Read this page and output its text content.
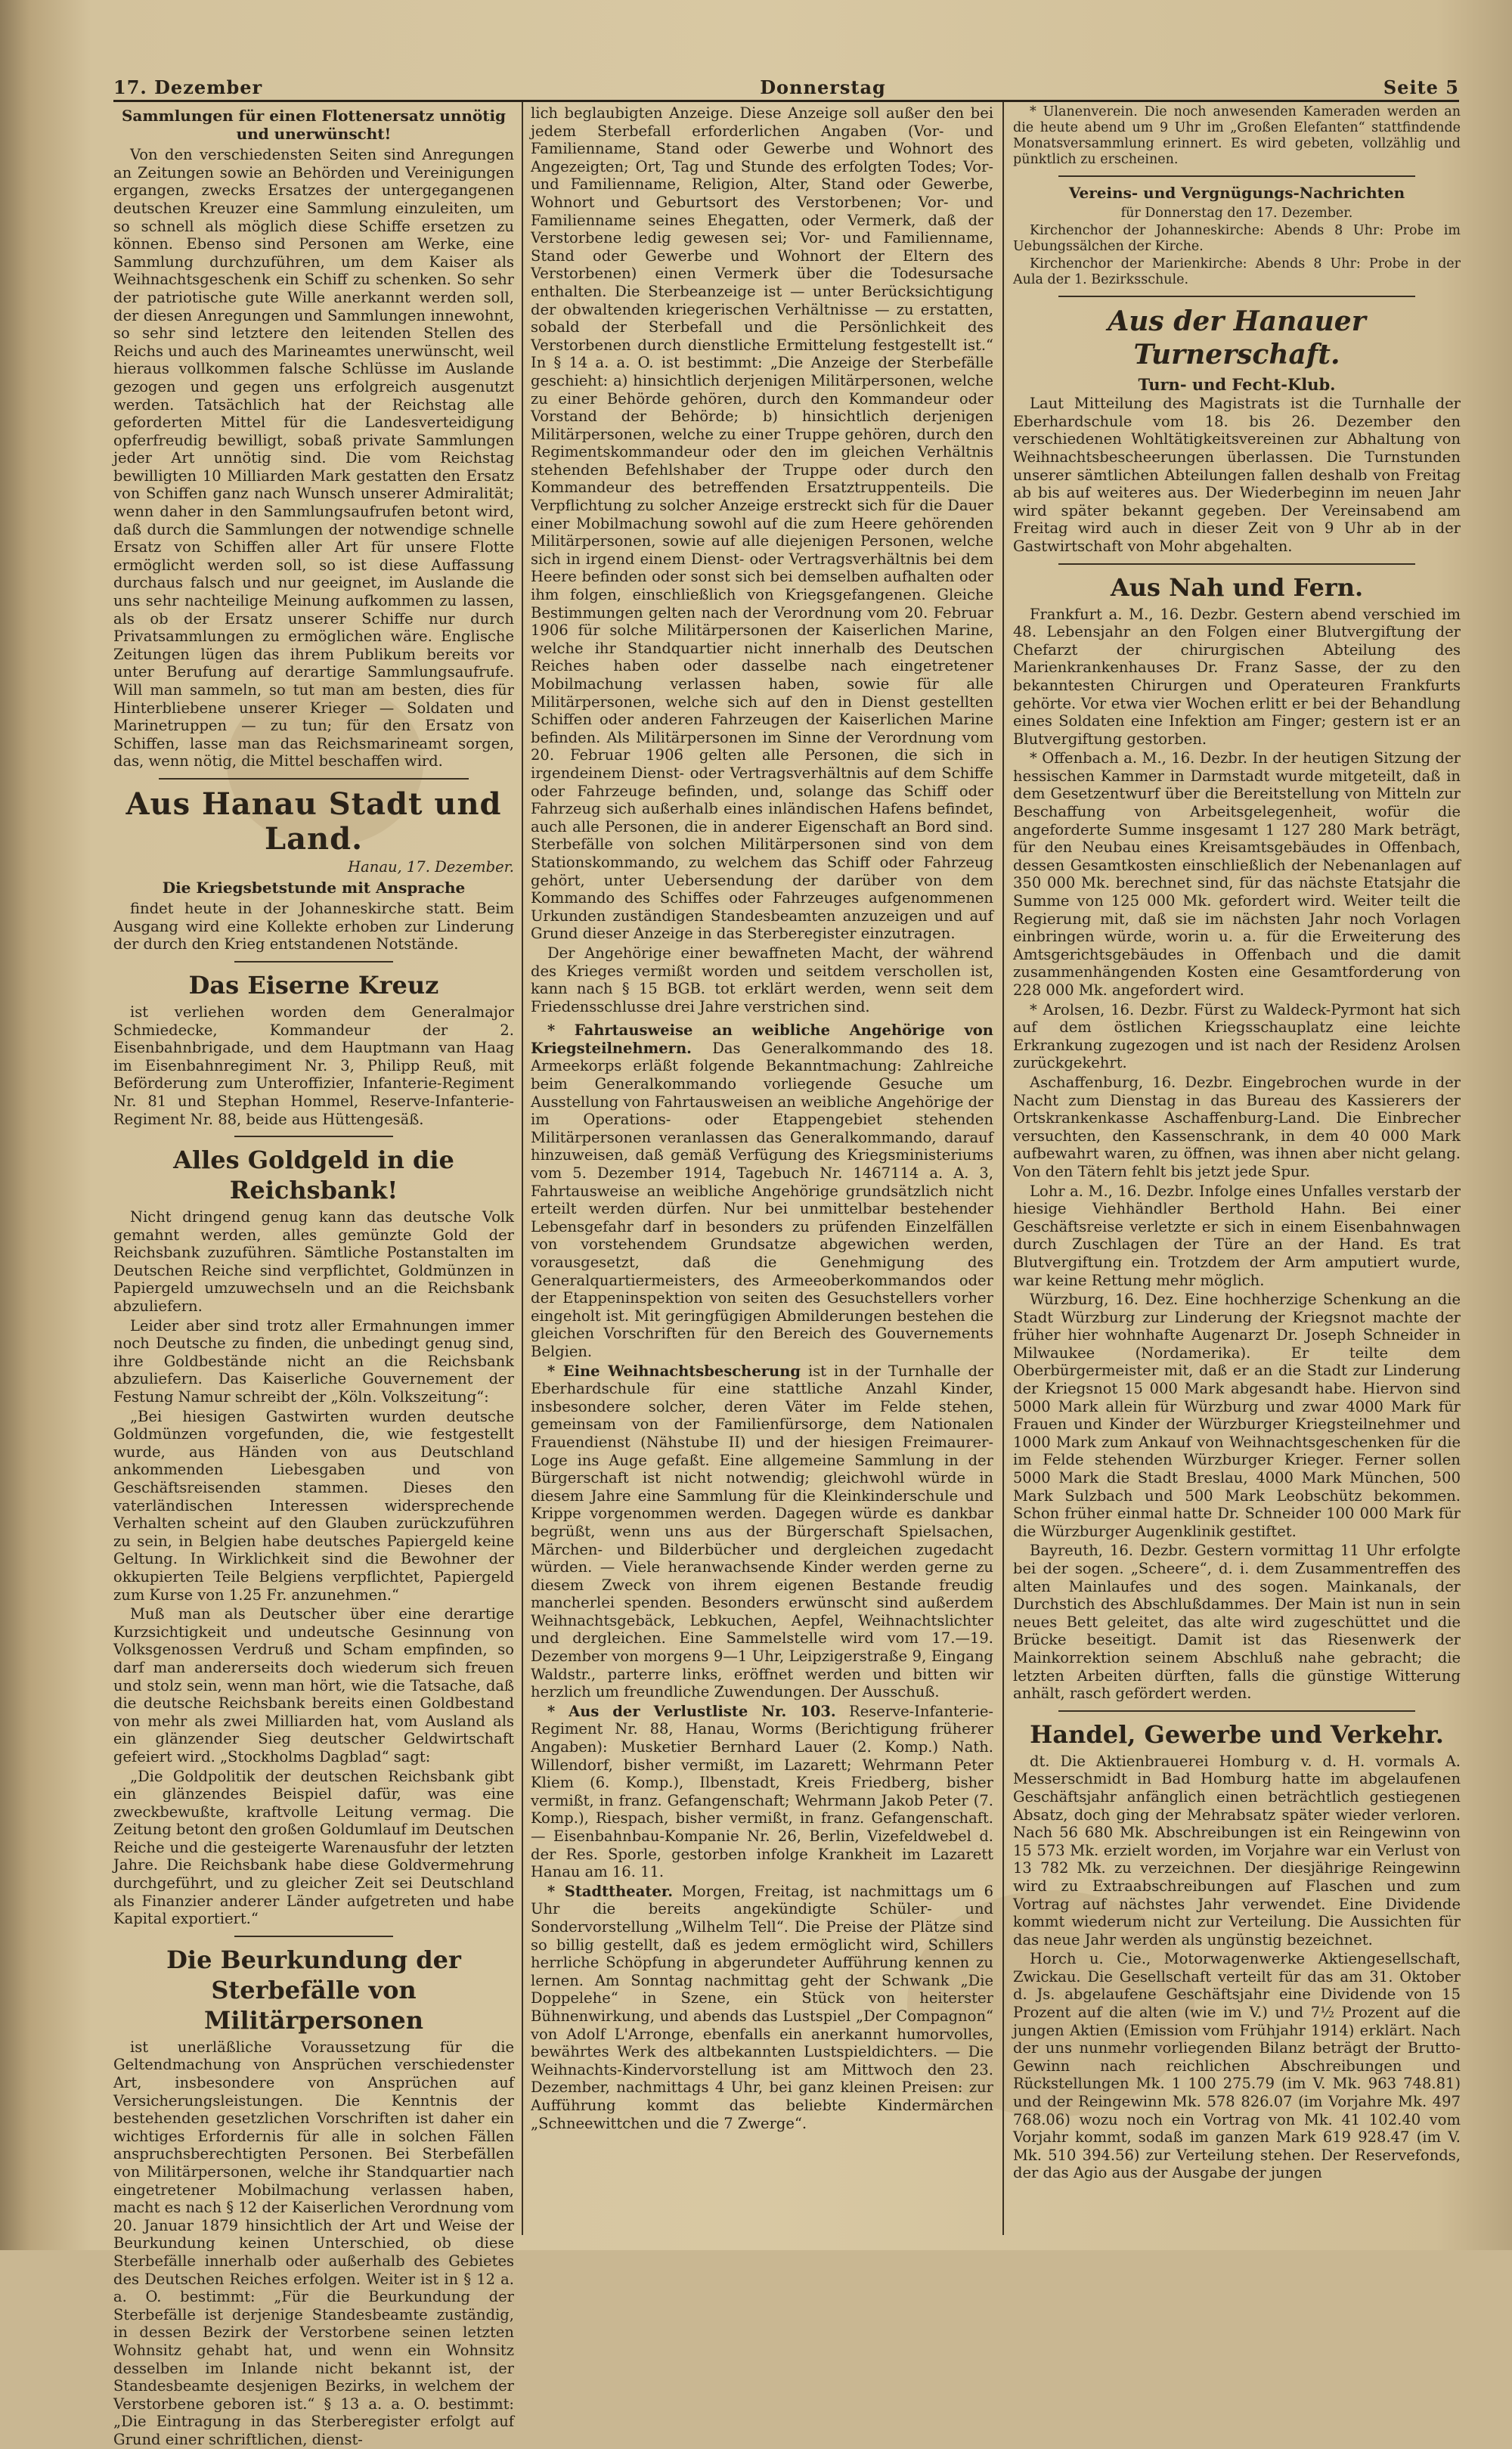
17. Dezember	Donnerstag	Seite 5

Sammlungen für einen Flottenersatz unnötig und unerwünscht!

Von den verschiedensten Seiten sind Anregungen an Zeitungen sowie an Behörden und Vereinigungen ergangen, zwecks Ersatzes der untergegangenen deutschen Kreuzer eine Sammlung einzuleiten, um so schnell als möglich diese Schiffe ersetzen zu können. Ebenso sind Personen am Werke, eine Sammlung durchzuführen, um dem Kaiser als Weihnachtsgeschenk ein Schiff zu schenken. So sehr der patriotische gute Wille anerkannt werden soll, der diesen Anregungen und Sammlungen innewohnt, so sehr sind letztere den leitenden Stellen des Reichs und auch des Marineamtes unerwünscht, weil hieraus vollkommen falsche Schlüsse im Auslande gezogen und gegen uns erfolgreich ausgenutzt werden. Tatsächlich hat der Reichstag alle geforderten Mittel für die Landesverteidigung opferfreudig bewilligt, sobaß private Sammlungen jeder Art unnötig sind. Die vom Reichstag bewilligten 10 Milliarden Mark gestatten den Ersatz von Schiffen ganz nach Wunsch unserer Admiralität; wenn daher in den Sammlungsaufrufen betont wird, daß durch die Sammlungen der notwendige schnelle Ersatz von Schiffen aller Art für unsere Flotte ermöglicht werden soll, so ist diese Auffassung durchaus falsch und nur geeignet, im Auslande die uns sehr nachteilige Meinung aufkommen zu lassen, als ob der Ersatz unserer Schiffe nur durch Privatsammlungen zu ermöglichen wäre. Englische Zeitungen lügen das ihrem Publikum bereits vor unter Berufung auf derartige Sammlungsaufrufe. Will man sammeln, so tut man am besten, dies für Hinterbliebene unserer Krieger — Soldaten und Marinetruppen — zu tun; für den Ersatz von Schiffen, lasse man das Reichsmarineamt sorgen, das, wenn nötig, die Mittel beschaffen wird.

Aus Hanau Stadt und Land.

Hanau, 17. Dezember.

Die Kriegsbetstunde mit Ansprache

findet heute in der Johanneskirche statt. Beim Ausgang wird eine Kollekte erhoben zur Linderung der durch den Krieg entstandenen Notstände.

Das Eiserne Kreuz

ist verliehen worden dem Generalmajor Schmiedecke, Kommandeur der 2. Eisenbahnbrigade, und dem Hauptmann van Haag im Eisenbahnregiment Nr. 3, Philipp Reuß, mit Beförderung zum Unteroffizier, Infanterie-Regiment Nr. 81 und Stephan Hommel, Reserve-Infanterie-Regiment Nr. 88, beide aus Hüttengesäß.

Alles Goldgeld in die Reichsbank!

Nicht dringend genug kann das deutsche Volk gemahnt werden, alles gemünzte Gold der Reichsbank zuzuführen. Sämtliche Postanstalten im Deutschen Reiche sind verpflichtet, Goldmünzen in Papiergeld umzuwechseln und an die Reichsbank abzuliefern.

Leider aber sind trotz aller Ermahnungen immer noch Deutsche zu finden, die unbedingt genug sind, ihre Goldbestände nicht an die Reichsbank abzuliefern. Das Kaiserliche Gouvernement der Festung Namur schreibt der „Köln. Volkszeitung“:

„Bei hiesigen Gastwirten wurden deutsche Goldmünzen vorgefunden, die, wie festgestellt wurde, aus Händen von aus Deutschland ankommenden Liebesgaben und von Geschäftsreisenden stammen. Dieses den vaterländischen Interessen widersprechende Verhalten scheint auf den Glauben zurückzuführen zu sein, in Belgien habe deutsches Papiergeld keine Geltung. In Wirklichkeit sind die Bewohner der okkupierten Teile Belgiens verpflichtet, Papiergeld zum Kurse von 1.25 Fr. anzunehmen.“

Muß man als Deutscher über eine derartige Kurzsichtigkeit und undeutsche Gesinnung von Volksgenossen Verdruß und Scham empfinden, so darf man andererseits doch wiederum sich freuen und stolz sein, wenn man hört, wie die Tatsache, daß die deutsche Reichsbank bereits einen Goldbestand von mehr als zwei Milliarden hat, vom Ausland als ein glänzender Sieg deutscher Geldwirtschaft gefeiert wird. „Stockholms Dagblad“ sagt:

„Die Goldpolitik der deutschen Reichsbank gibt ein glänzendes Beispiel dafür, was eine zweckbewußte, kraftvolle Leitung vermag. Die Zeitung betont den großen Goldumlauf im Deutschen Reiche und die gesteigerte Warenausfuhr der letzten Jahre. Die Reichsbank habe diese Goldvermehrung durchgeführt, und zu gleicher Zeit sei Deutschland als Finanzier anderer Länder aufgetreten und habe Kapital exportiert.“

Die Beurkundung der Sterbefälle von Militärpersonen

ist unerläßliche Voraussetzung für die Geltendmachung von Ansprüchen verschiedenster Art, insbesondere von Ansprüchen auf Versicherungsleistungen. Die Kenntnis der bestehenden gesetzlichen Vorschriften ist daher ein wichtiges Erfordernis für alle in solchen Fällen anspruchsberechtigten Personen. Bei Sterbefällen von Militärpersonen, welche ihr Standquartier nach eingetretener Mobilmachung verlassen haben, macht es nach § 12 der Kaiserlichen Verordnung vom 20. Januar 1879 hinsichtlich der Art und Weise der Beurkundung keinen Unterschied, ob diese Sterbefälle innerhalb oder außerhalb des Gebietes des Deutschen Reiches erfolgen. Weiter ist in § 12 a. a. O. bestimmt: „Für die Beurkundung der Sterbefälle ist derjenige Standesbeamte zuständig, in dessen Bezirk der Verstorbene seinen letzten Wohnsitz gehabt hat, und wenn ein Wohnsitz desselben im Inlande nicht bekannt ist, der Standesbeamte desjenigen Bezirks, in welchem der Verstorbene geboren ist.“ § 13 a. a. O. bestimmt: „Die Eintragung in das Sterberegister erfolgt auf Grund einer schriftlichen, dienst-

lich beglaubigten Anzeige. Diese Anzeige soll außer den bei jedem Sterbefall erforderlichen Angaben (Vor- und Familienname, Stand oder Gewerbe und Wohnort des Angezeigten; Ort, Tag und Stunde des erfolgten Todes; Vor- und Familienname, Religion, Alter, Stand oder Gewerbe, Wohnort und Geburtsort des Verstorbenen; Vor- und Familienname seines Ehegatten, oder Vermerk, daß der Verstorbene ledig gewesen sei; Vor- und Familienname, Stand oder Gewerbe und Wohnort der Eltern des Verstorbenen) einen Vermerk über die Todesursache enthalten. Die Sterbeanzeige ist — unter Berücksichtigung der obwaltenden kriegerischen Verhältnisse — zu erstatten, sobald der Sterbefall und die Persönlichkeit des Verstorbenen durch dienstliche Ermittelung festgestellt ist.“ In § 14 a. a. O. ist bestimmt: „Die Anzeige der Sterbefälle geschieht: a) hinsichtlich derjenigen Militärpersonen, welche zu einer Behörde gehören, durch den Kommandeur oder Vorstand der Behörde; b) hinsichtlich derjenigen Militärpersonen, welche zu einer Truppe gehören, durch den Regimentskommandeur oder den im gleichen Verhältnis stehenden Befehlshaber der Truppe oder durch den Kommandeur des betreffenden Ersatztruppenteils. Die Verpflichtung zu solcher Anzeige erstreckt sich für die Dauer einer Mobilmachung sowohl auf die zum Heere gehörenden Militärpersonen, sowie auf alle diejenigen Personen, welche sich in irgend einem Dienst- oder Vertragsverhältnis bei dem Heere befinden oder sonst sich bei demselben aufhalten oder ihm folgen, einschließlich von Kriegsgefangenen. Gleiche Bestimmungen gelten nach der Verordnung vom 20. Februar 1906 für solche Militärpersonen der Kaiserlichen Marine, welche ihr Standquartier nicht innerhalb des Deutschen Reiches haben oder dasselbe nach eingetretener Mobilmachung verlassen haben, sowie für alle Militärpersonen, welche sich auf den in Dienst gestellten Schiffen oder anderen Fahrzeugen der Kaiserlichen Marine befinden. Als Militärpersonen im Sinne der Verordnung vom 20. Februar 1906 gelten alle Personen, die sich in irgendeinem Dienst- oder Vertragsverhältnis auf dem Schiffe oder Fahrzeuge befinden, und, solange das Schiff oder Fahrzeug sich außerhalb eines inländischen Hafens befindet, auch alle Personen, die in anderer Eigenschaft an Bord sind. Sterbefälle von solchen Militärpersonen sind von dem Stationskommando, zu welchem das Schiff oder Fahrzeug gehört, unter Uebersendung der darüber von dem Kommando des Schiffes oder Fahrzeuges aufgenommenen Urkunden zuständigen Standesbeamten anzuzeigen und auf Grund dieser Anzeige in das Sterberegister einzutragen.

Der Angehörige einer bewaffneten Macht, der während des Krieges vermißt worden und seitdem verschollen ist, kann nach § 15 BGB. tot erklärt werden, wenn seit dem Friedensschlusse drei Jahre verstrichen sind.

* Fahrtausweise an weibliche Angehörige von Kriegsteilnehmern. Das Generalkommando des 18. Armeekorps erläßt folgende Bekanntmachung: Zahlreiche beim Generalkommando vorliegende Gesuche um Ausstellung von Fahrtausweisen an weibliche Angehörige der im Operations- oder Etappengebiet stehenden Militärpersonen veranlassen das Generalkommando, darauf hinzuweisen, daß gemäß Verfügung des Kriegsministeriums vom 5. Dezember 1914, Tagebuch Nr. 1467114 a. A. 3, Fahrtausweise an weibliche Angehörige grundsätzlich nicht erteilt werden dürfen. Nur bei unmittelbar bestehender Lebensgefahr darf in besonders zu prüfenden Einzelfällen von vorstehendem Grundsatze abgewichen werden, vorausgesetzt, daß die Genehmigung des Generalquartiermeisters, des Armeeoberkommandos oder der Etappeninspektion von seiten des Gesuchstellers vorher eingeholt ist. Mit geringfügigen Abmilderungen bestehen die gleichen Vorschriften für den Bereich des Gouvernements Belgien.

* Eine Weihnachtsbescherung ist in der Turnhalle der Eberhardschule für eine stattliche Anzahl Kinder, insbesondere solcher, deren Väter im Felde stehen, gemeinsam von der Familienfürsorge, dem Nationalen Frauendienst (Nähstube II) und der hiesigen Freimaurer-Loge ins Auge gefaßt. Eine allgemeine Sammlung in der Bürgerschaft ist nicht notwendig; gleichwohl würde in diesem Jahre eine Sammlung für die Kleinkinderschule und Krippe vorgenommen werden. Dagegen würde es dankbar begrüßt, wenn uns aus der Bürgerschaft Spielsachen, Märchen- und Bilderbücher und dergleichen zugedacht würden. — Viele heranwachsende Kinder werden gerne zu diesem Zweck von ihrem eigenen Bestande freudig mancherlei spenden. Besonders erwünscht sind außerdem Weihnachtsgebäck, Lebkuchen, Aepfel, Weihnachtslichter und dergleichen. Eine Sammelstelle wird vom 17.—19. Dezember von morgens 9—1 Uhr, Leipzigerstraße 9, Eingang Waldstr., parterre links, eröffnet werden und bitten wir herzlich um freundliche Zuwendungen. Der Ausschuß.

* Aus der Verlustliste Nr. 103. Reserve-Infanterie-Regiment Nr. 88, Hanau, Worms (Berichtigung früherer Angaben): Musketier Bernhard Lauer (2. Komp.) Nath. Willendorf, bisher vermißt, im Lazarett; Wehrmann Peter Kliem (6. Komp.), Ilbenstadt, Kreis Friedberg, bisher vermißt, in franz. Gefangenschaft; Wehrmann Jakob Peter (7. Komp.), Riespach, bisher vermißt, in franz. Gefangenschaft. — Eisenbahnbau-Kompanie Nr. 26, Berlin, Vizefeldwebel d. der Res. Sporle, gestorben infolge Krankheit im Lazarett Hanau am 16. 11.

* Stadttheater. Morgen, Freitag, ist nachmittags um 6 Uhr die bereits angekündigte Schüler- und Sondervorstellung „Wilhelm Tell“. Die Preise der Plätze sind so billig gestellt, daß es jedem ermöglicht wird, Schillers herrliche Schöpfung in abgerundeter Aufführung kennen zu lernen. Am Sonntag nachmittag geht der Schwank „Die Doppelehe“ in Szene, ein Stück von heiterster Bühnenwirkung, und abends das Lustspiel „Der Compagnon“ von Adolf L'Arronge, ebenfalls ein anerkannt humorvolles, bewährtes Werk des altbekannten Lustspieldichters. — Die Weihnachts-Kindervorstellung ist am Mittwoch den 23. Dezember, nachmittags 4 Uhr, bei ganz kleinen Preisen: zur Aufführung kommt das beliebte Kindermärchen „Schneewittchen und die 7 Zwerge“.

* Ulanenverein. Die noch anwesenden Kameraden werden an die heute abend um 9 Uhr im „Großen Elefanten“ stattfindende Monatsversammlung erinnert. Es wird gebeten, vollzählig und pünktlich zu erscheinen.

Vereins- und Vergnügungs-Nachrichten

für Donnerstag den 17. Dezember.

Kirchenchor der Johanneskirche: Abends 8 Uhr: Probe im Uebungssälchen der Kirche.

Kirchenchor der Marienkirche: Abends 8 Uhr: Probe in der Aula der 1. Bezirksschule.

Aus der Hanauer Turnerschaft.

Turn- und Fecht-Klub.

Laut Mitteilung des Magistrats ist die Turnhalle der Eberhardschule vom 18. bis 26. Dezember den verschiedenen Wohltätigkeitsvereinen zur Abhaltung von Weihnachtsbescheerungen überlassen. Die Turnstunden unserer sämtlichen Abteilungen fallen deshalb von Freitag ab bis auf weiteres aus. Der Wiederbeginn im neuen Jahr wird später bekannt gegeben. Der Vereinsabend am Freitag wird auch in dieser Zeit von 9 Uhr ab in der Gastwirtschaft von Mohr abgehalten.

Aus Nah und Fern.

Frankfurt a. M., 16. Dezbr. Gestern abend verschied im 48. Lebensjahr an den Folgen einer Blutvergiftung der Chefarzt der chirurgischen Abteilung des Marienkrankenhauses Dr. Franz Sasse, der zu den bekanntesten Chirurgen und Operateuren Frankfurts gehörte. Vor etwa vier Wochen erlitt er bei der Behandlung eines Soldaten eine Infektion am Finger; gestern ist er an Blutvergiftung gestorben.

* Offenbach a. M., 16. Dezbr. In der heutigen Sitzung der hessischen Kammer in Darmstadt wurde mitgeteilt, daß in dem Gesetzentwurf über die Bereitstellung von Mitteln zur Beschaffung von Arbeitsgelegenheit, wofür die angeforderte Summe insgesamt 1 127 280 Mark beträgt, für den Neubau eines Kreisamtsgebäudes in Offenbach, dessen Gesamtkosten einschließlich der Nebenanlagen auf 350 000 Mk. berechnet sind, für das nächste Etatsjahr die Summe von 125 000 Mk. gefordert wird. Weiter teilt die Regierung mit, daß sie im nächsten Jahr noch Vorlagen einbringen würde, worin u. a. für die Erweiterung des Amtsgerichtsgebäudes in Offenbach und die damit zusammenhängenden Kosten eine Gesamtforderung von 228 000 Mk. angefordert wird.

* Arolsen, 16. Dezbr. Fürst zu Waldeck-Pyrmont hat sich auf dem östlichen Kriegsschauplatz eine leichte Erkrankung zugezogen und ist nach der Residenz Arolsen zurückgekehrt.

Aschaffenburg, 16. Dezbr. Eingebrochen wurde in der Nacht zum Dienstag in das Bureau des Kassierers der Ortskrankenkasse Aschaffenburg-Land. Die Einbrecher versuchten, den Kassenschrank, in dem 40 000 Mark aufbewahrt waren, zu öffnen, was ihnen aber nicht gelang. Von den Tätern fehlt bis jetzt jede Spur.

Lohr a. M., 16. Dezbr. Infolge eines Unfalles verstarb der hiesige Viehhändler Berthold Hahn. Bei einer Geschäftsreise verletzte er sich in einem Eisenbahnwagen durch Zuschlagen der Türe an der Hand. Es trat Blutvergiftung ein. Trotzdem der Arm amputiert wurde, war keine Rettung mehr möglich.

Würzburg, 16. Dez. Eine hochherzige Schenkung an die Stadt Würzburg zur Linderung der Kriegsnot machte der früher hier wohnhafte Augenarzt Dr. Joseph Schneider in Milwaukee (Nordamerika). Er teilte dem Oberbürgermeister mit, daß er an die Stadt zur Linderung der Kriegsnot 15 000 Mark abgesandt habe. Hiervon sind 5000 Mark allein für Würzburg und zwar 4000 Mark für Frauen und Kinder der Würzburger Kriegsteilnehmer und 1000 Mark zum Ankauf von Weihnachtsgeschenken für die im Felde stehenden Würzburger Krieger. Ferner sollen 5000 Mark die Stadt Breslau, 4000 Mark München, 500 Mark Sulzbach und 500 Mark Leobschütz bekommen. Schon früher einmal hatte Dr. Schneider 100 000 Mark für die Würzburger Augenklinik gestiftet.

Bayreuth, 16. Dezbr. Gestern vormittag 11 Uhr erfolgte bei der sogen. „Scheere“, d. i. dem Zusammentreffen des alten Mainlaufes und des sogen. Mainkanals, der Durchstich des Abschlußdammes. Der Main ist nun in sein neues Bett geleitet, das alte wird zugeschüttet und die Brücke beseitigt. Damit ist das Riesenwerk der Mainkorrektion seinem Abschluß nahe gebracht; die letzten Arbeiten dürften, falls die günstige Witterung anhält, rasch gefördert werden.

Handel, Gewerbe und Verkehr.

dt. Die Aktienbrauerei Homburg v. d. H. vormals A. Messerschmidt in Bad Homburg hatte im abgelaufenen Geschäftsjahr anfänglich einen beträchtlich gestiegenen Absatz, doch ging der Mehrabsatz später wieder verloren. Nach 56 680 Mk. Abschreibungen ist ein Reingewinn von 15 573 Mk. erzielt worden, im Vorjahre war ein Verlust von 13 782 Mk. zu verzeichnen. Der diesjährige Reingewinn wird zu Extraabschreibungen auf Flaschen und zum Vortrag auf nächstes Jahr verwendet. Eine Dividende kommt wiederum nicht zur Verteilung. Die Aussichten für das neue Jahr werden als ungünstig bezeichnet.

Horch u. Cie., Motorwagenwerke Aktiengesellschaft, Zwickau. Die Gesellschaft verteilt für das am 31. Oktober d. Js. abgelaufene Geschäftsjahr eine Dividende von 15 Prozent auf die alten (wie im V.) und 7½ Prozent auf die jungen Aktien (Emission vom Frühjahr 1914) erklärt. Nach der uns nunmehr vorliegenden Bilanz beträgt der Brutto-Gewinn nach reichlichen Abschreibungen und Rückstellungen Mk. 1 100 275.79 (im V. Mk. 963 748.81) und der Reingewinn Mk. 578 826.07 (im Vorjahre Mk. 497 768.06) wozu noch ein Vortrag von Mk. 41 102.40 vom Vorjahr kommt, sodaß im ganzen Mark 619 928.47 (im V. Mk. 510 394.56) zur Verteilung stehen. Der Reservefonds, der das Agio aus der Ausgabe der jungen
